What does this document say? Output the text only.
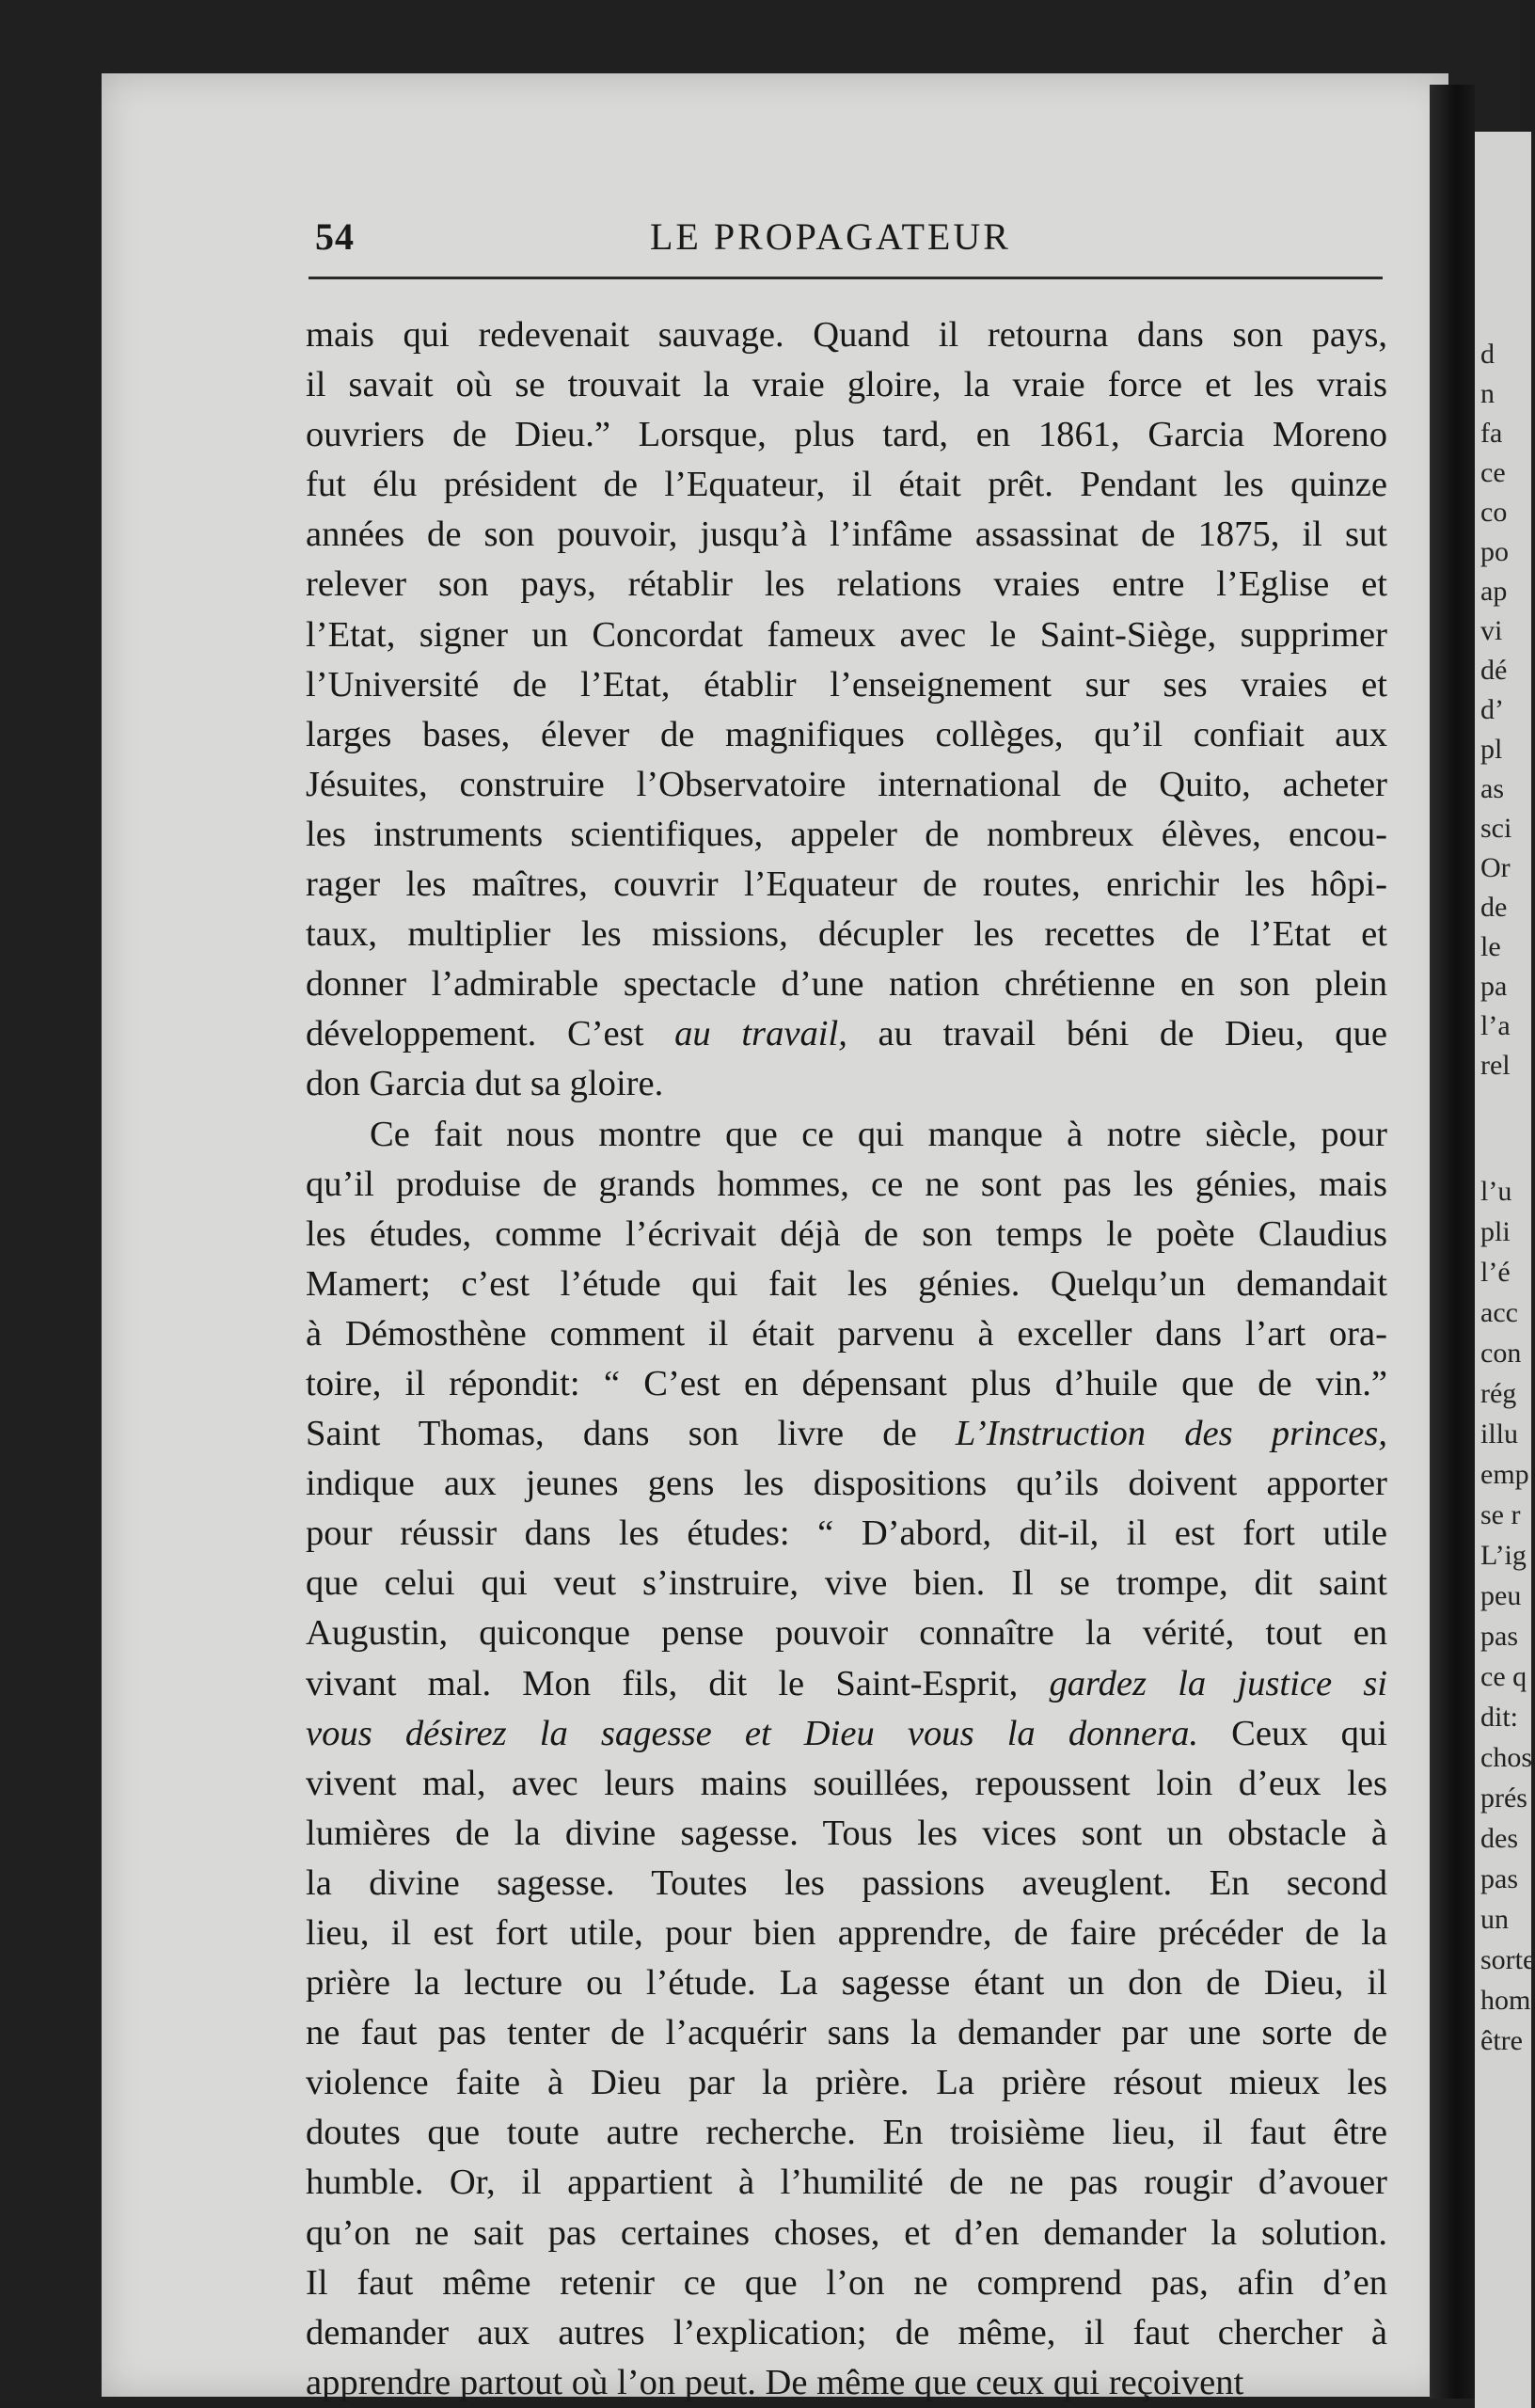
54	LE PROPAGATEUR

mais qui redevenait sauvage. Quand il retourna dans son pays,
il savait où se trouvait la vraie gloire, la vraie force et les vrais
ouvriers de Dieu.” Lorsque, plus tard, en 1861, Garcia Moreno
fut élu président de l’Equateur, il était prêt. Pendant les quinze
années de son pouvoir, jusqu’à l’infâme assassinat de 1875, il sut
relever son pays, rétablir les relations vraies entre l’Eglise et
l’Etat, signer un Concordat fameux avec le Saint-Siège, supprimer
l’Université de l’Etat, établir l’enseignement sur ses vraies et
larges bases, élever de magnifiques collèges, qu’il confiait aux
Jésuites, construire l’Observatoire international de Quito, acheter
les instruments scientifiques, appeler de nombreux élèves, encou-
rager les maîtres, couvrir l’Equateur de routes, enrichir les hôpi-
taux, multiplier les missions, décupler les recettes de l’Etat et
donner l’admirable spectacle d’une nation chrétienne en son plein
développement. C’est au travail, au travail béni de Dieu, que
don Garcia dut sa gloire.

Ce fait nous montre que ce qui manque à notre siècle, pour
qu’il produise de grands hommes, ce ne sont pas les génies, mais
les études, comme l’écrivait déjà de son temps le poète Claudius
Mamert; c’est l’étude qui fait les génies. Quelqu’un demandait
à Démosthène comment il était parvenu à exceller dans l’art ora-
toire, il répondit: “ C’est en dépensant plus d’huile que de vin.”
Saint Thomas, dans son livre de L’Instruction des princes,
indique aux jeunes gens les dispositions qu’ils doivent apporter
pour réussir dans les études: “ D’abord, dit-il, il est fort utile
que celui qui veut s’instruire, vive bien. Il se trompe, dit saint
Augustin, quiconque pense pouvoir connaître la vérité, tout en
vivant mal. Mon fils, dit le Saint-Esprit, gardez la justice si
vous désirez la sagesse et Dieu vous la donnera. Ceux qui
vivent mal, avec leurs mains souillées, repoussent loin d’eux les
lumières de la divine sagesse. Tous les vices sont un obstacle à
la divine sagesse. Toutes les passions aveuglent. En second
lieu, il est fort utile, pour bien apprendre, de faire précéder de la
prière la lecture ou l’étude. La sagesse étant un don de Dieu, il
ne faut pas tenter de l’acquérir sans la demander par une sorte de
violence faite à Dieu par la prière. La prière résout mieux les
doutes que toute autre recherche. En troisième lieu, il faut être
humble. Or, il appartient à l’humilité de ne pas rougir d’avouer
qu’on ne sait pas certaines choses, et d’en demander la solution.
Il faut même retenir ce que l’on ne comprend pas, afin d’en
demander aux autres l’explication; de même, il faut chercher à
apprendre partout où l’on peut. De même que ceux qui reçoivent

d
n
fa
ce
co
po
ap
vi
dé
d’
pl
as
sci
Or
de
le
pa
l’a
rel
l’u
pli
l’é
acc
con
rég
illu
emp
se r
L’ig
peu
pas
ce q
dit:
chos
prés
des
pas
un
sorte
hom
être
